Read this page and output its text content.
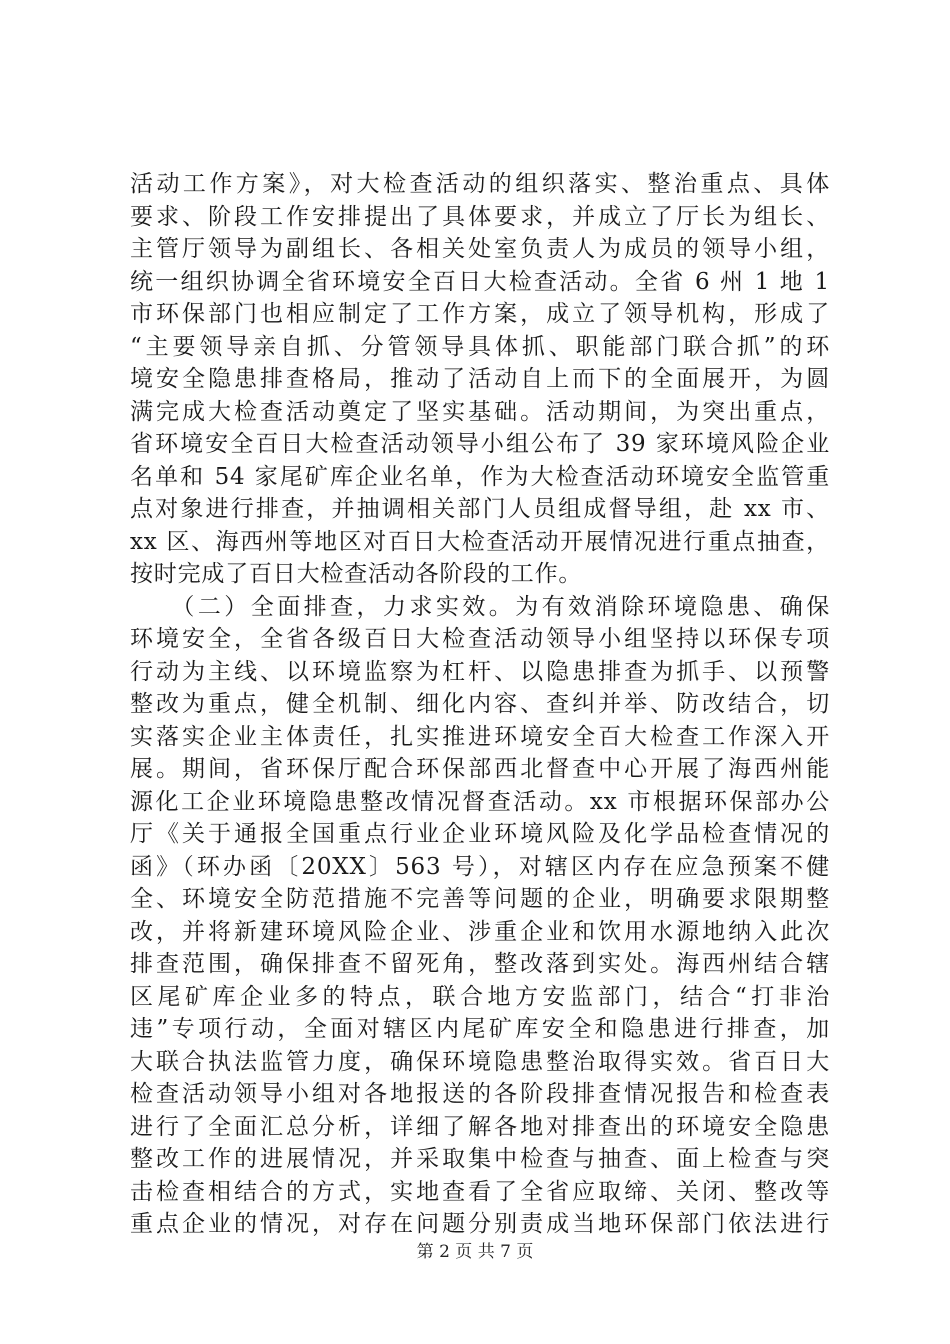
活动工作方案》，对大检查活动的组织落实、整治重点、具体
要求、阶段工作安排提出了具体要求，并成立了厅长为组长、
主管厅领导为副组长、各相关处室负责人为成员的领导小组，
统一组织协调全省环境安全百日大检查活动。全省 6 州 1 地 1
市环保部门也相应制定了工作方案，成立了领导机构，形成了
“主要领导亲自抓、分管领导具体抓、职能部门联合抓”的环
境安全隐患排查格局，推动了活动自上而下的全面展开，为圆
满完成大检查活动奠定了坚实基础。活动期间，为突出重点，
省环境安全百日大检查活动领导小组公布了 39 家环境风险企业
名单和 54 家尾矿库企业名单，作为大检查活动环境安全监管重
点对象进行排查，并抽调相关部门人员组成督导组，赴 xx 市、
xx 区、海西州等地区对百日大检查活动开展情况进行重点抽查，
按时完成了百日大检查活动各阶段的工作。
　　（二）全面排查，力求实效。为有效消除环境隐患、确保
环境安全，全省各级百日大检查活动领导小组坚持以环保专项
行动为主线、以环境监察为杠杆、以隐患排查为抓手、以预警
整改为重点，健全机制、细化内容、查纠并举、防改结合，切
实落实企业主体责任，扎实推进环境安全百大检查工作深入开
展。期间，省环保厅配合环保部西北督查中心开展了海西州能
源化工企业环境隐患整改情况督查活动。xx 市根据环保部办公
厅《关于通报全国重点行业企业环境风险及化学品检查情况的
函》（环办函〔20XX〕563 号），对辖区内存在应急预案不健
全、环境安全防范措施不完善等问题的企业，明确要求限期整
改，并将新建环境风险企业、涉重企业和饮用水源地纳入此次
排查范围，确保排查不留死角，整改落到实处。海西州结合辖
区尾矿库企业多的特点，联合地方安监部门，结合“打非治
违”专项行动，全面对辖区内尾矿库安全和隐患进行排查，加
大联合执法监管力度，确保环境隐患整治取得实效。省百日大
检查活动领导小组对各地报送的各阶段排查情况报告和检查表
进行了全面汇总分析，详细了解各地对排查出的环境安全隐患
整改工作的进展情况，并采取集中检查与抽查、面上检查与突
击检查相结合的方式，实地查看了全省应取缔、关闭、整改等
重点企业的情况，对存在问题分别责成当地环保部门依法进行
第 2 页 共 7 页
